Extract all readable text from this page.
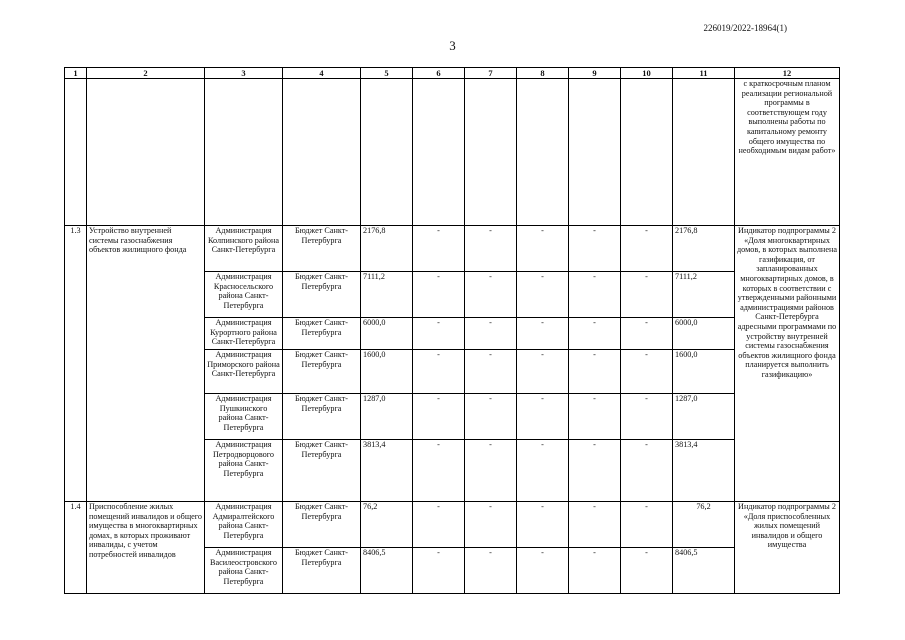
226019/2022-18964(1)
3
1	2	3	4	5	6	7	8	9	10	11	12
											с краткосрочным планом реализации региональной программы в соответствующем году выполнены работы по капитальному ремонту общего имущества по необходимым видам работ»
1.3	Устройство внутренней системы газоснабжения объектов жилищного фонда	Администрация Колпинского района Санкт-Петербурга	Бюджет Санкт-Петербурга	2176,8	-	-	-	-	-	2176,8	Индикатор подпрограммы 2 «Доля многоквартирных домов, в которых выполнена газификация, от запланированных многоквартирных домов, в которых в соответствии с утвержденными районными администрациями районов Санкт-Петербурга адресными программами по устройству внутренней системы газоснабжения объектов жилищного фонда планируется выполнить газификацию»
		Администрация Красносельского района Санкт-Петербурга	Бюджет Санкт-Петербурга	7111,2	-	-	-	-	-	7111,2	
		Администрация Курортного района Санкт-Петербурга	Бюджет Санкт-Петербурга	6000,0	-	-	-	-	-	6000,0	
		Администрация Приморского района Санкт-Петербурга	Бюджет Санкт-Петербурга	1600,0	-	-	-	-	-	1600,0	
		Администрация Пушкинского района Санкт-Петербурга	Бюджет Санкт-Петербурга	1287,0	-	-	-	-	-	1287,0	
		Администрация Петродворцового района Санкт-Петербурга	Бюджет Санкт-Петербурга	3813,4	-	-	-	-	-	3813,4	
1.4	Приспособление жилых помещений инвалидов и общего имущества в многоквартирных домах, в которых проживают инвалиды, с учетом потребностей инвалидов	Администрация Адмиралтейского района Санкт-Петербурга	Бюджет Санкт-Петербурга	76,2	-	-	-	-	-	76,2	Индикатор подпрограммы 2 «Доля приспособленных жилых помещений инвалидов и общего имущества
		Администрация Василеостровского района Санкт-Петербурга	Бюджет Санкт-Петербурга	8406,5	-	-	-	-	-	8406,5	
